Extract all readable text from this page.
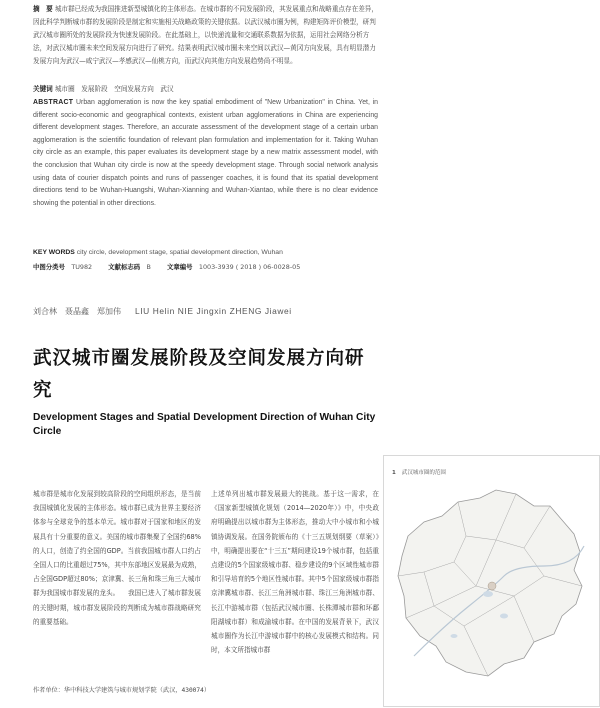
摘　要 城市群已经成为我国推进新型城镇化的主体形态。在城市群的不同发展阶段，其发展重点和战略重点存在差异，因此科学判断城市群的发展阶段是制定和实施相关战略政策的关键依据。以武汉城市圈为例，构建矩阵评价模型，研判武汉城市圈所处的发展阶段为快速发展阶段。在此基础上，以快递流量和交通联系数据为依据，运用社会网络分析方法，对武汉城市圈未来空间发展方向进行了研究。结果表明武汉城市圈未来空间以武汉—黄冈方向发展，具有明显潜力发展方向为武汉—咸宁武汉—孝感武汉—仙桃方向，而武汉向其他方向发展趋势尚不明显。
关键词 城市圈　发展阶段　空间发展方向　武汉
ABSTRACT Urban agglomeration is now the key spatial embodiment of "New Urbanization" in China. Yet, in different socio-economic and geographical contexts, existent urban agglomerations in China are experiencing different development stages. Therefore, an accurate assessment of the development stage of a certain urban agglomeration is the scientific foundation of relevant plan formulation and implementation for it. Taking Wuhan city circle as an example, this paper evaluates its development stage by a new matrix assessment model, with the conclusion that Wuhan city circle is now at the speedy development stage. Through social network analysis using data of courier dispatch points and runs of passenger coaches, it is found that its spatial development directions tend to be Wuhan-Huangshi, Wuhan-Xianning and Wuhan-Xiantao, while there is no clear evidence showing the potential in other directions.
KEY WORDS city circle, development stage, spatial development direction, Wuhan
中图分类号　 TU982	文献标志码　 B	文章编号　 1003-3939 ( 2018 ) 06-0028-05
刘合林　聂晶鑫　郑加伟 LIU Helin NIE Jingxin ZHENG Jiawei
武汉城市圈发展阶段及空间发展方向研究
Development Stages and Spatial Development Direction of Wuhan City Circle
城市群是城市化发展到较高阶段的空间组织形态，是当前我国城镇化发展的主体形态。城市群已成为世界主要经济体参与全球竞争的基本单元。城市群对于国家和地区的发展具有十分重要的意义。美国的城市群集聚了全国约68%的人口，创造了约全国的GDP。当前我国城市群人口约占全国人口的比重超过75%，其中东部地区发展最为成熟，占全国GDP超过80%；京津冀、长三角和珠三角三大城市群为我国城市群发展的龙头。 　我国已进入了城市群发展的关键时期，城市群发展阶段的判断成为城市群战略研究的重要基础。
上述单列出城市群发展最大的挑战。基于这一需求，在《国家新型城镇化规划（2014—2020年）》中，中央政府明确提出以城市群为主体形态，推动大中小城市和小城镇协调发展。在国务院颁布的《十三五规划纲要（草案）》中，明确提出要在“十三五”期间建设19个城市群，包括重点建设的5个国家级城市群、稳步建设的9个区域性城市群和引导培育的5个地区性城市群。其中5个国家级城市群指京津冀城市群、长江三角洲城市群、珠江三角洲城市群、长江中游城市群（包括武汉城市圈、长株潭城市群和环鄱阳湖城市群）和成渝城市群。在中国的发展背景下，武汉城市圈作为长江中游城市群中的核心发展模式和结构。同时，本文所指城市群
作者单位：华中科技大学建筑与城市规划学院（武汉，430074）
1 武汉城市圈的范围
